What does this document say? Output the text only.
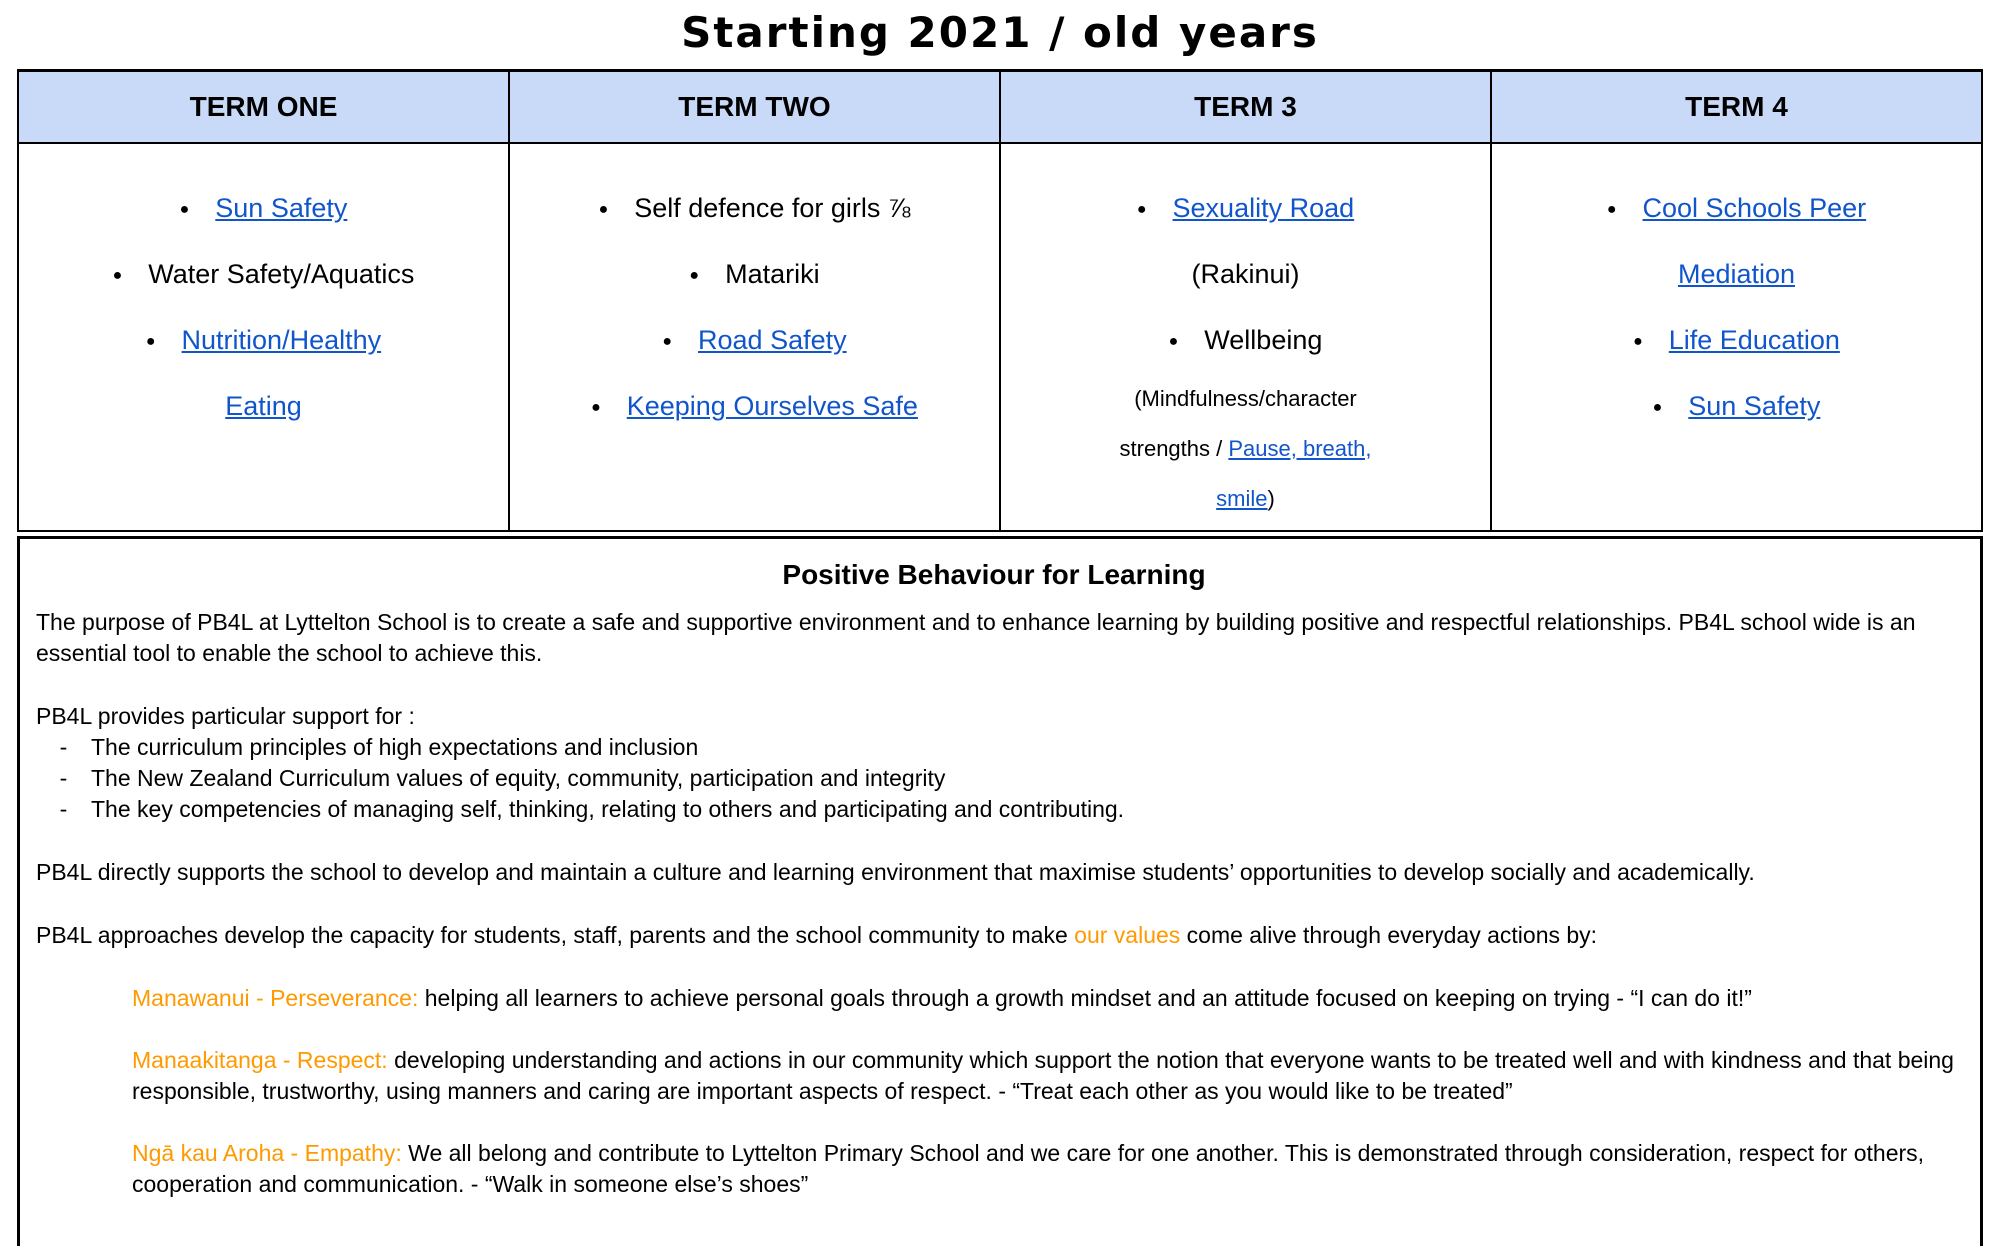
Starting 2021 / old years
TERM ONE	TERM TWO	TERM 3	TERM 4

● Sun Safety
● Water Safety/Aquatics
● Nutrition/Healthy
Eating

● Self defence for girls ⅞
● Matariki
● Road Safety
● Keeping Ourselves Safe

● Sexuality Road
(Rakinui)
● Wellbeing
(Mindfulness/character
strengths / Pause, breath,
smile )

● Cool Schools Peer
Mediation
● Life Education
● Sun Safety
Positive Behaviour for Learning

The purpose of PB4L at Lyttelton School is to create a safe and supportive environment and to enhance learning by building positive and respectful relationships. PB4L school wide is an essential tool to enable the school to achieve this.

PB4L provides particular support for :

-	The curriculum principles of high expectations and inclusion
-	The New Zealand Curriculum values of equity, community, participation and integrity
-	The key competencies of managing self, thinking, relating to others and participating and contributing.

PB4L directly supports the school to develop and maintain a culture and learning environment that maximise students’ opportunities to develop socially and academically.

PB4L approaches develop the capacity for students, staff, parents and the school community to make our values come alive through everyday actions by:

Manawanui - Perseverance: helping all learners to achieve personal goals through a growth mindset and an attitude focused on keeping on trying - “I can do it!”

Manaakitanga - Respect: developing understanding and actions in our community which support the notion that everyone wants to be treated well and with kindness and that being responsible, trustworthy, using manners and caring are important aspects of respect. - “Treat each other as you would like to be treated”

Ngā kau Aroha - Empathy: We all belong and contribute to Lyttelton Primary School and we care for one another. This is demonstrated through consideration, respect for others, cooperation and communication. - “Walk in someone else’s shoes”
